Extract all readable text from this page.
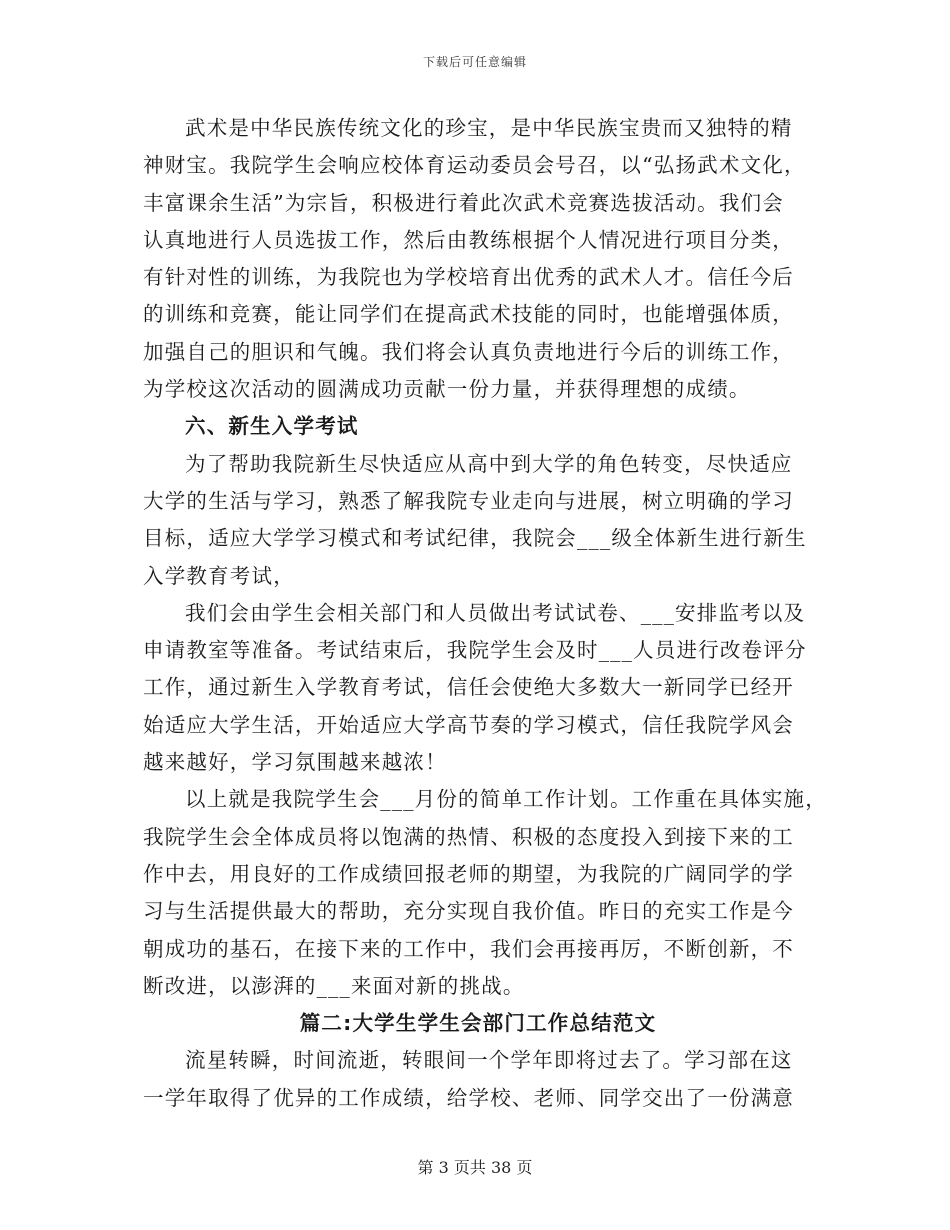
下载后可任意编辑
武术是中华民族传统文化的珍宝，是中华民族宝贵而又独特的精
神财宝。我院学生会响应校体育运动委员会号召，以“弘扬武术文化，
丰富课余生活”为宗旨，积极进行着此次武术竞赛选拔活动。我们会
认真地进行人员选拔工作，然后由教练根据个人情况进行项目分类，
有针对性的训练，为我院也为学校培育出优秀的武术人才。信任今后
的训练和竞赛，能让同学们在提高武术技能的同时，也能增强体质，
加强自己的胆识和气魄。我们将会认真负责地进行今后的训练工作，
为学校这次活动的圆满成功贡献一份力量，并获得理想的成绩。
六、新生入学考试
为了帮助我院新生尽快适应从高中到大学的角色转变，尽快适应
大学的生活与学习，熟悉了解我院专业走向与进展，树立明确的学习
目标，适应大学学习模式和考试纪律，我院会___级全体新生进行新生
入学教育考试，
我们会由学生会相关部门和人员做出考试试卷、___安排监考以及
申请教室等准备。考试结束后，我院学生会及时___人员进行改卷评分
工作，通过新生入学教育考试，信任会使绝大多数大一新同学已经开
始适应大学生活，开始适应大学高节奏的学习模式，信任我院学风会
越来越好，学习氛围越来越浓！
以上就是我院学生会___月份的简单工作计划。工作重在具体实施，
我院学生会全体成员将以饱满的热情、积极的态度投入到接下来的工
作中去，用良好的工作成绩回报老师的期望，为我院的广阔同学的学
习与生活提供最大的帮助，充分实现自我价值。昨日的充实工作是今
朝成功的基石，在接下来的工作中，我们会再接再厉，不断创新，不
断改进，以澎湃的___来面对新的挑战。
篇二:大学生学生会部门工作总结范文
流星转瞬，时间流逝，转眼间一个学年即将过去了。学习部在这
一学年取得了优异的工作成绩，给学校、老师、同学交出了一份满意
第 3 页共 38 页
